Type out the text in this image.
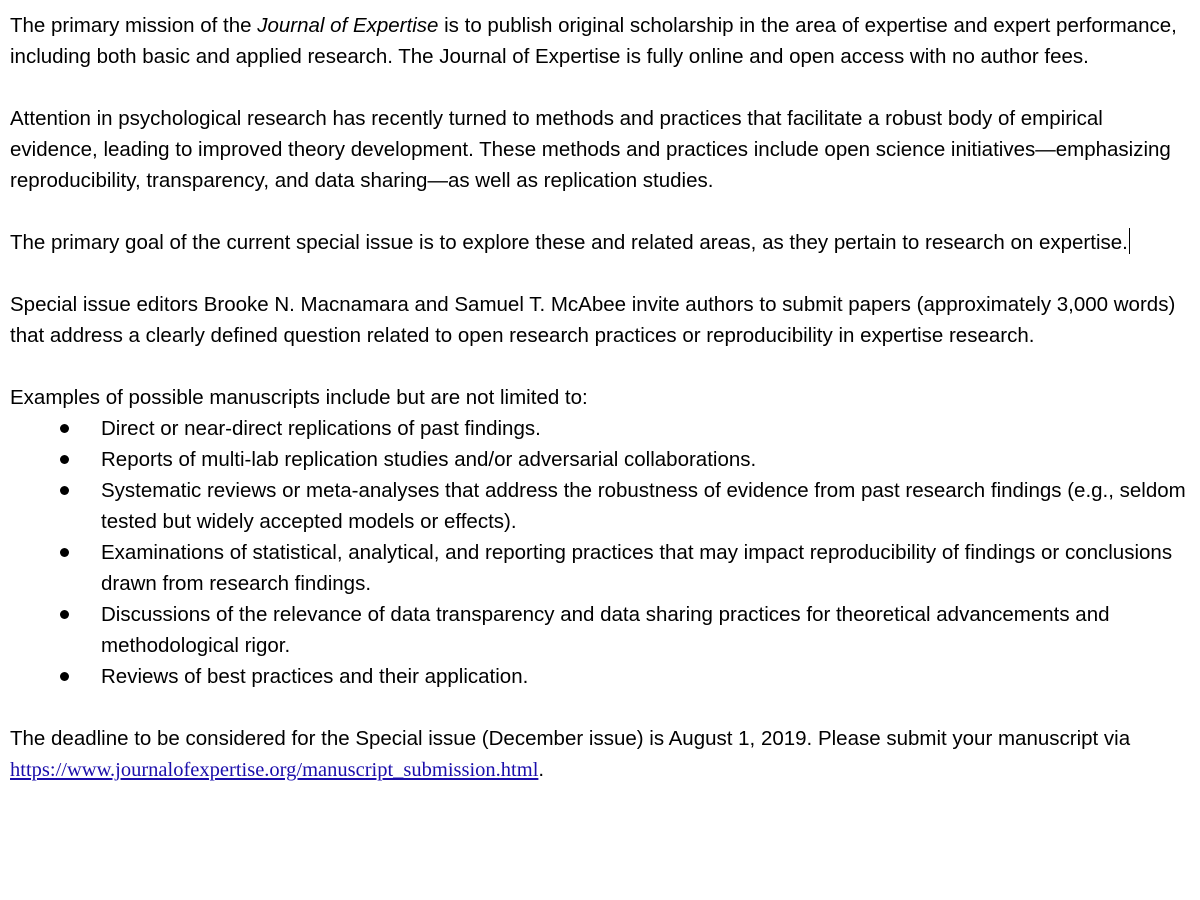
The primary mission of the Journal of Expertise is to publish original scholarship in the area of expertise and expert performance, including both basic and applied research. The Journal of Expertise is fully online and open access with no author fees.

Attention in psychological research has recently turned to methods and practices that facilitate a robust body of empirical evidence, leading to improved theory development. These methods and practices include open science initiatives—emphasizing reproducibility, transparency, and data sharing—as well as replication studies.

The primary goal of the current special issue is to explore these and related areas, as they pertain to research on expertise.

Special issue editors Brooke N. Macnamara and Samuel T. McAbee invite authors to submit papers (approximately 3,000 words) that address a clearly defined question related to open research practices or reproducibility in expertise research.

Examples of possible manuscripts include but are not limited to:

Direct or near-direct replications of past findings.
Reports of multi-lab replication studies and/or adversarial collaborations.
Systematic reviews or meta-analyses that address the robustness of evidence from past research findings (e.g., seldom tested but widely accepted models or effects).
Examinations of statistical, analytical, and reporting practices that may impact reproducibility of findings or conclusions drawn from research findings.
Discussions of the relevance of data transparency and data sharing practices for theoretical advancements and methodological rigor.
Reviews of best practices and their application.

The deadline to be considered for the Special issue (December issue) is August 1, 2019. Please submit your manuscript via https://www.journalofexpertise.org/manuscript_submission.html.
